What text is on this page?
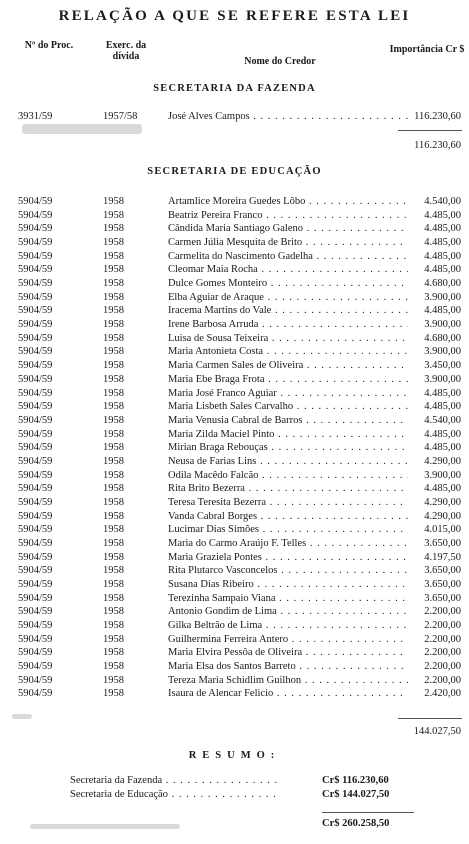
RELAÇÃO A QUE SE REFERE ESTA LEI
Nº do Proc.	Exerc. da dívida	Nome do Credor
Importância Cr $
SECRETARIA DA FAZENDA
3931/59	1957/58	José Alves Campos . . .	116.230,60
116.230,60
SECRETARIA DE EDUCAÇÃO
5904/59	1958	Artamlice Moreira Guedes Lôbo . . .	4.540,00
5904/59	1958	Beatriz Pereira Franco . . .	4.485,00
5904/59	1958	Cândida Maria Santiago Galeno . . .	4.485,00
5904/59	1958	Carmen Júlia Mesquita de Brito . . .	4.485,00
5904/59	1958	Carmelita do Nascimento Gadelha . . .	4.485,00
5904/59	1958	Cleomar Maia Rocha . . .	4.485,00
5904/59	1958	Dulce Gomes Monteiro . . .	4.680,00
5904/59	1958	Elba Aguiar de Araque . . .	3.900,00
5904/59	1958	Iracema Martins do Vale . . .	4.485,00
5904/59	1958	Irene Barbosa Arruda . . .	3.900,00
5904/59	1958	Luisa de Sousa Teixeira . . .	4.680,00
5904/59	1958	Maria Antonieta Costa . . .	3.900,00
5904/59	1958	Maria Carmen Sales de Oliveira . . .	3.450,00
5904/59	1958	Maria Ebe Braga Frota . . .	3.900,00
5904/59	1958	Maria José Franco Aguiar . . .	4.485,00
5904/59	1958	Maria Lisbeth Sales Carvalho . . .	4.485,00
5904/59	1958	Maria Venusia Cabral de Barros . . .	4.540,00
5904/59	1958	Maria Zilda Maciel Pinto . . .	4.485,00
5904/59	1958	Mirian Braga Rebouças . . .	4.485,00
5904/59	1958	Neusa de Farias Lins . . .	4.290,00
5904/59	1958	Odila Macêdo Falcão . . .	3.900,00
5904/59	1958	Rita Brito Bezerra . . .	4.485,00
5904/59	1958	Teresa Teresita Bezerra . . .	4.290,00
5904/59	1958	Vanda Cabral Borges . . .	4.290,00
5904/59	1958	Lucimar Dias Simões . . .	4.015,00
5904/59	1958	Maria do Carmo Araújo F. Telles . . .	3.650,00
5904/59	1958	Maria Graziela Pontes . . .	4.197,50
5904/59	1958	Rita Plutarco Vasconcelos . . .	3.650,00
5904/59	1958	Susana Dias Ribeiro . . .	3.650,00
5904/59	1958	Terezinha Sampaio Viana . . .	3.650,00
5904/59	1958	Antonio Gondim de Lima . . .	2.200,00
5904/59	1958	Gilka Beltrão de Lima . . .	2.200,00
5904/59	1958	Guilhermina Ferreira Antero . . .	2.200,00
5904/59	1958	Maria Elvira Pessôa de Oliveira . . .	2.200,00
5904/59	1958	Maria Elsa dos Santos Barreto . . .	2.200,00
5904/59	1958	Tereza Maria Schidlim Guilhon . . .	2.200,00
5904/59	1958	Isaura de Alencar Felicio . . .	2.420,00
144.027,50
RESUMO:
Secretaria da Fazenda . . .	Cr$ 116.230,60
Secretaria de Educação . . .	Cr$ 144.027,50
Cr$ 260.258,50
